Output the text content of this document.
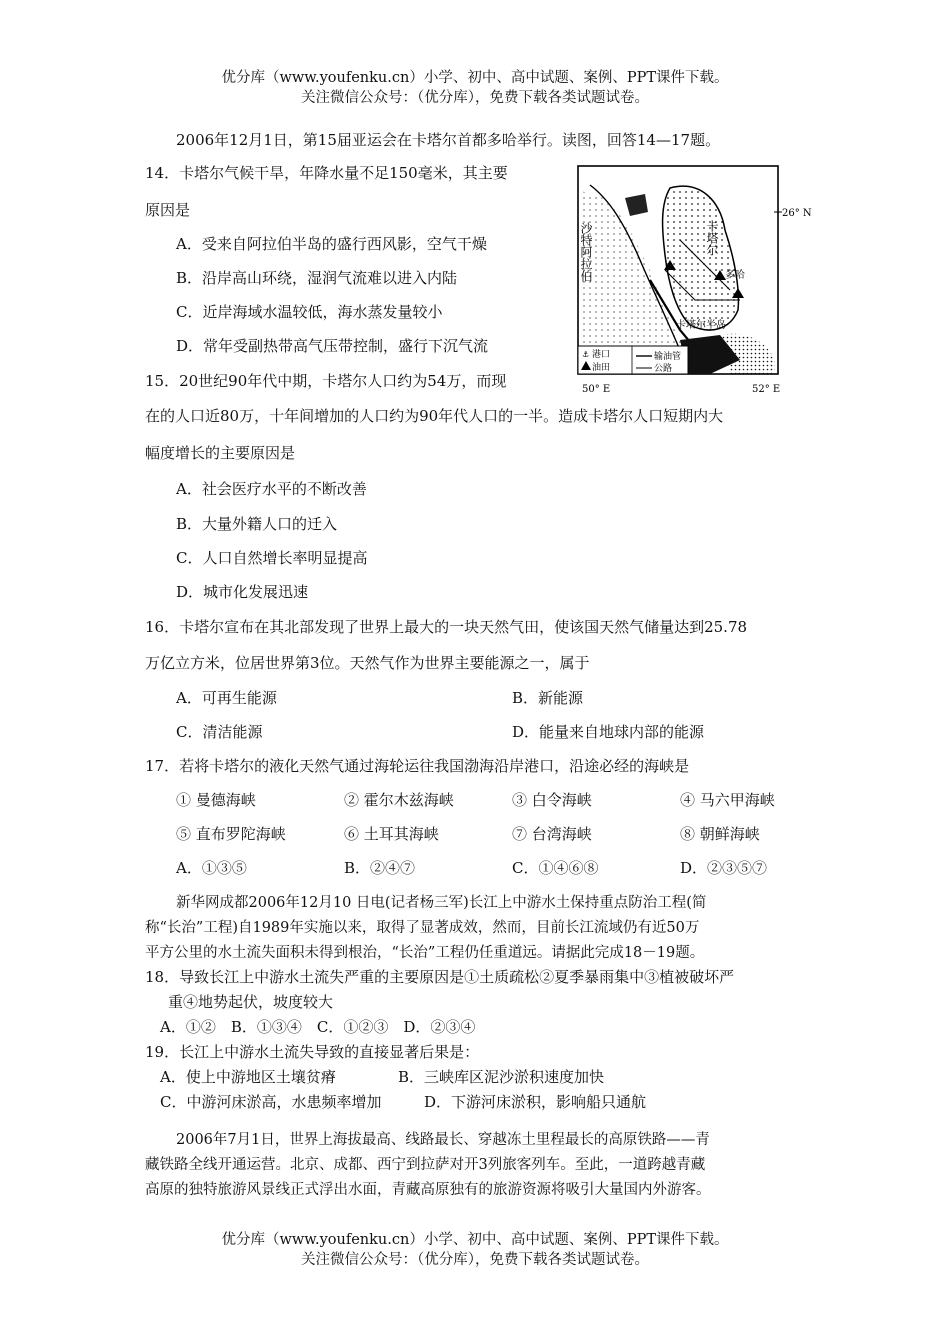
优分库（www.youfenku.cn）小学、初中、高中试题、案例、PPT课件下载。
关注微信公众号：（优分库），免费下载各类试题试卷。
2006年12月1日，第15届亚运会在卡塔尔首都多哈举行。读图，回答14—17题。
14．卡塔尔气候干旱，年降水量不足150毫米，其主要
原因是
A．受来自阿拉伯半岛的盛行西风影，空气干燥
B．沿岸高山环绕，湿润气流难以进入内陆
C．近岸海域水温较低，海水蒸发量较小
D．常年受副热带高气压带控制，盛行下沉气流	⚓ 港口
油田
输油管
公路
沙特阿拉伯	卡塔尔
多哈
卡塔尔半岛
26° N
50° E	52° E
15．20世纪90年代中期，卡塔尔人口约为54万，而现
在的人口近80万，十年间增加的人口约为90年代人口的一半。造成卡塔尔人口短期内大
幅度增长的主要原因是
A．社会医疗水平的不断改善
B．大量外籍人口的迁入
C．人口自然增长率明显提高
D．城市化发展迅速
16．卡塔尔宣布在其北部发现了世界上最大的一块天然气田，使该国天然气储量达到25.78
万亿立方米，位居世界第3位。天然气作为世界主要能源之一，属于
A．可再生能源	B．新能源
C．清洁能源	D．能量来自地球内部的能源
17．若将卡塔尔的液化天然气通过海轮运往我国渤海沿岸港口，沿途必经的海峡是
① 曼德海峡	② 霍尔木兹海峡	③ 白令海峡	④ 马六甲海峡
⑤ 直布罗陀海峡	⑥ 土耳其海峡	⑦ 台湾海峡	⑧ 朝鲜海峡
A．①③⑤	B．②④⑦	C．①④⑥⑧	D．②③⑤⑦
新华网成都2006年12月10 日电(记者杨三军)长江上中游水土保持重点防治工程(简
称“长治”工程)自1989年实施以来，取得了显著成效，然而，目前长江流域仍有近50万
平方公里的水土流失面积未得到根治，“长治”工程仍任重道远。请据此完成18－19题。
18．导致长江上中游水土流失严重的主要原因是①土质疏松②夏季暴雨集中③植被破坏严
重④地势起伏，坡度较大
A．①②　B．①③④　C．①②③　D．②③④
19．长江上中游水土流失导致的直接显著后果是：
A．使上中游地区土壤贫瘠	B．三峡库区泥沙淤积速度加快
C．中游河床淤高，水患频率增加	D．下游河床淤积，影响船只通航
2006年7月1日，世界上海拔最高、线路最长、穿越冻土里程最长的高原铁路——青
藏铁路全线开通运营。北京、成都、西宁到拉萨对开3列旅客列车。至此，一道跨越青藏
高原的独特旅游风景线正式浮出水面，青藏高原独有的旅游资源将吸引大量国内外游客。
优分库（www.youfenku.cn）小学、初中、高中试题、案例、PPT课件下载。
关注微信公众号：（优分库），免费下载各类试题试卷。
